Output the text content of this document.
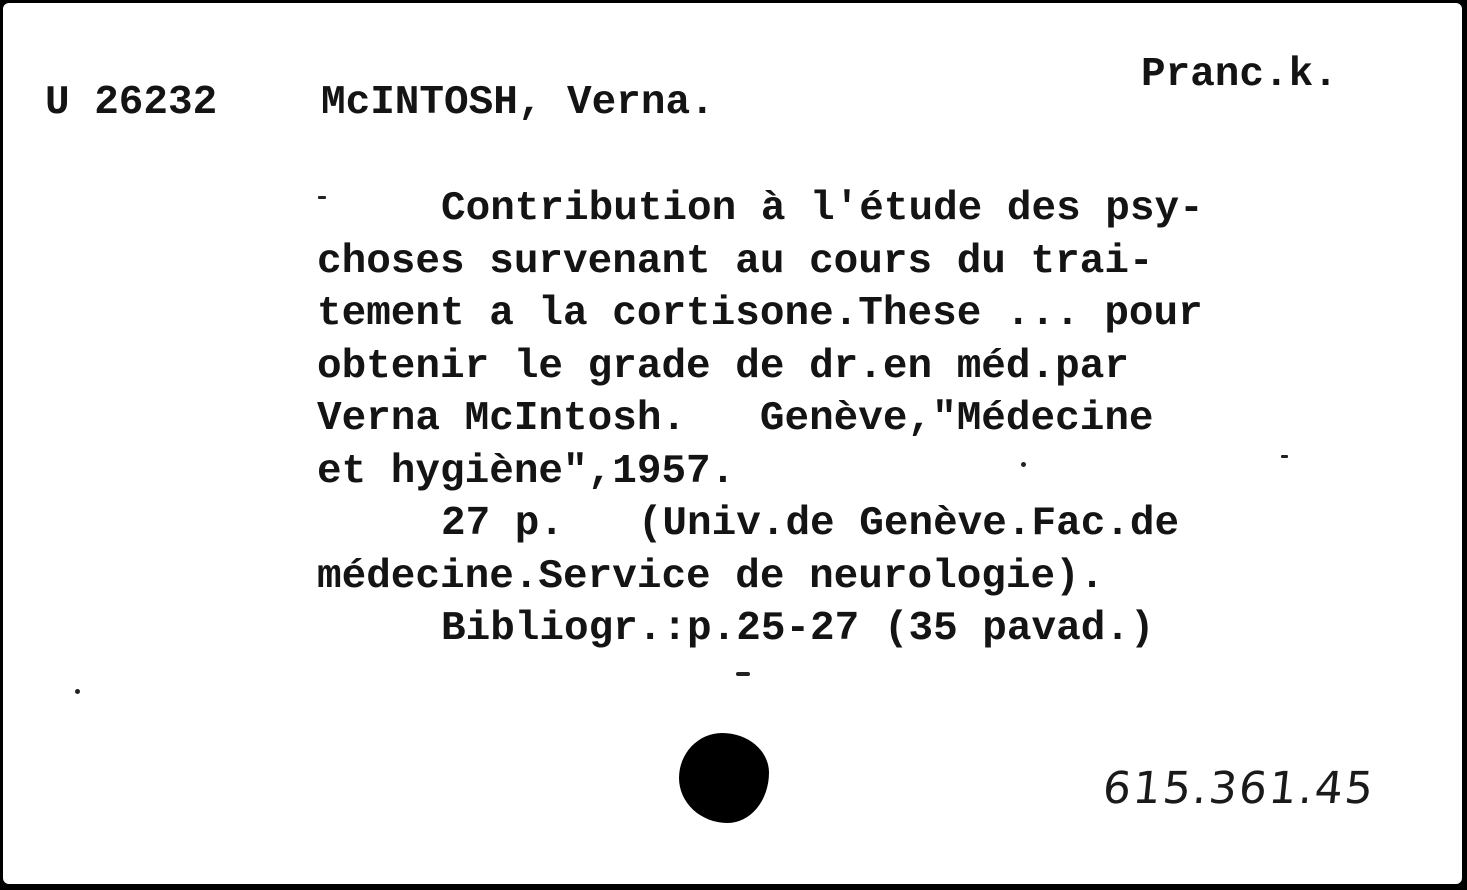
U 26232	McINTOSH, Verna.
Pranc.k.
Contribution à l'étude des psy-
choses survenant au cours du trai-
tement a la cortisone.These ... pour
obtenir le grade de dr.en méd.par
Verna McIntosh.   Genève,"Médecine
et hygiène",1957.
27 p.   (Univ.de Genève.Fac.de
médecine.Service de neurologie).
Bibliogr.:p.25-27 (35 pavad.)
615.361.45
